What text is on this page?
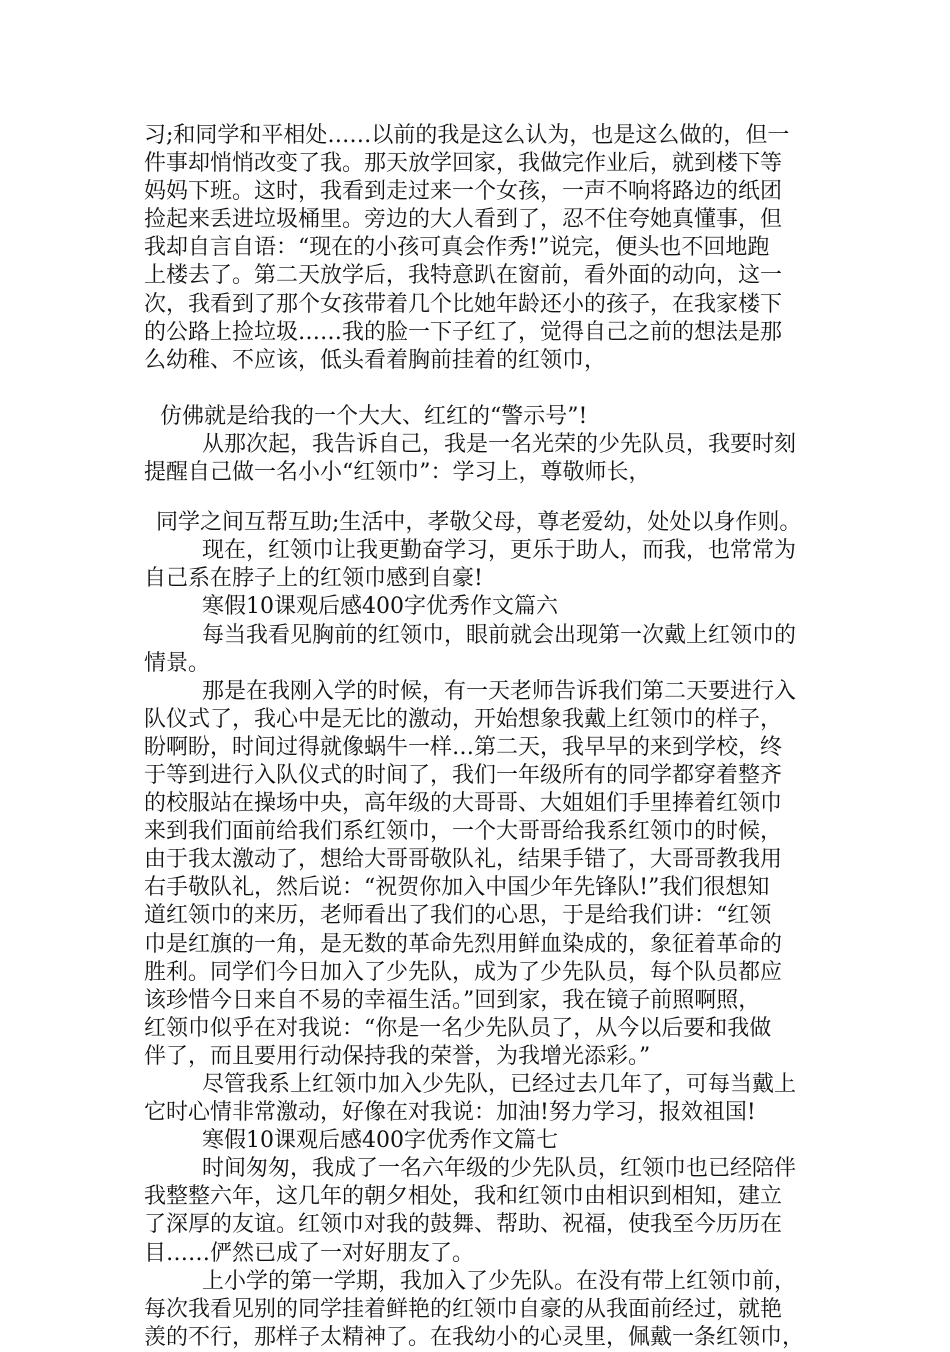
习;和同学和平相处……以前的我是这么认为，也是这么做的，但一
件事却悄悄改变了我。那天放学回家，我做完作业后，就到楼下等
妈妈下班。这时，我看到走过来一个女孩，一声不响将路边的纸团
捡起来丢进垃圾桶里。旁边的大人看到了，忍不住夸她真懂事，但
我却自言自语：“现在的小孩可真会作秀!”说完，便头也不回地跑
上楼去了。第二天放学后，我特意趴在窗前，看外面的动向，这一
次，我看到了那个女孩带着几个比她年龄还小的孩子，在我家楼下
的公路上捡垃圾……我的脸一下子红了，觉得自己之前的想法是那
么幼稚、不应该，低头看着胸前挂着的红领巾，
仿佛就是给我的一个大大、红红的“警示号”!
从那次起，我告诉自己，我是一名光荣的少先队员，我要时刻
提醒自己做一名小小“红领巾”：学习上，尊敬师长，
同学之间互帮互助;生活中，孝敬父母，尊老爱幼，处处以身作则。
现在，红领巾让我更勤奋学习，更乐于助人，而我，也常常为
自己系在脖子上的红领巾感到自豪!
寒假10课观后感400字优秀作文篇六
每当我看见胸前的红领巾，眼前就会出现第一次戴上红领巾的
情景。
那是在我刚入学的时候，有一天老师告诉我们第二天要进行入
队仪式了，我心中是无比的激动，开始想象我戴上红领巾的样子，
盼啊盼，时间过得就像蜗牛一样…第二天，我早早的来到学校，终
于等到进行入队仪式的时间了，我们一年级所有的同学都穿着整齐
的校服站在操场中央，高年级的大哥哥、大姐姐们手里捧着红领巾
来到我们面前给我们系红领巾，一个大哥哥给我系红领巾的时候，
由于我太激动了，想给大哥哥敬队礼，结果手错了，大哥哥教我用
右手敬队礼，然后说：“祝贺你加入中国少年先锋队!”我们很想知
道红领巾的来历，老师看出了我们的心思，于是给我们讲：“红领
巾是红旗的一角，是无数的革命先烈用鲜血染成的，象征着革命的
胜利。同学们今日加入了少先队，成为了少先队员，每个队员都应
该珍惜今日来自不易的幸福生活。”回到家，我在镜子前照啊照，
红领巾似乎在对我说：“你是一名少先队员了，从今以后要和我做
伴了，而且要用行动保持我的荣誉，为我增光添彩。”
尽管我系上红领巾加入少先队，已经过去几年了，可每当戴上
它时心情非常激动，好像在对我说：加油!努力学习，报效祖国!
寒假10课观后感400字优秀作文篇七
时间匆匆，我成了一名六年级的少先队员，红领巾也已经陪伴
我整整六年，这几年的朝夕相处，我和红领巾由相识到相知，建立
了深厚的友谊。红领巾对我的鼓舞、帮助、祝福，使我至今历历在
目……俨然已成了一对好朋友了。
上小学的第一学期，我加入了少先队。在没有带上红领巾前，
每次我看见别的同学挂着鲜艳的红领巾自豪的从我面前经过，就艳
羡的不行，那样子太精神了。在我幼小的心灵里，佩戴一条红领巾，
